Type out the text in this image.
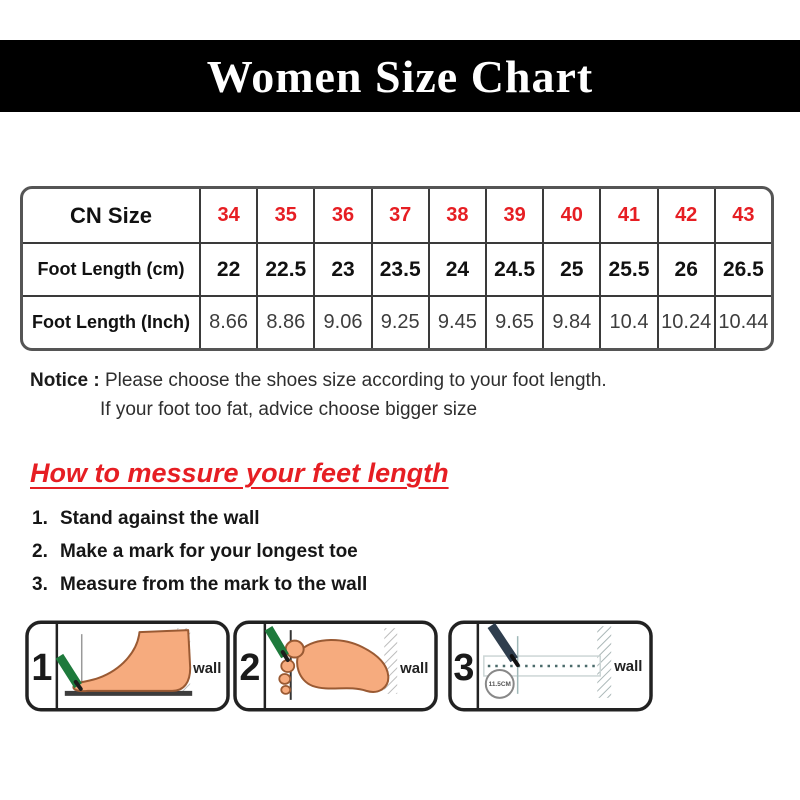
Women Size Chart
CN Size	34	35	36	37	38	39	40	41	42	43
Foot Length (cm)	22	22.5	23	23.5	24	24.5	25	25.5	26	26.5
Foot Length (Inch) 8.66 8.86 9.06 9.25 9.45 9.65 9.84 10.4 10.24 10.44
Notice : Please choose the shoes size according to your foot length.
If your foot too fat, advice choose bigger size
How to messure your feet length
1. Stand against the wall
2. Make a mark for your longest toe
3. Measure from the mark to the wall
1	wall 2	wall 3 11.5CM
wall
